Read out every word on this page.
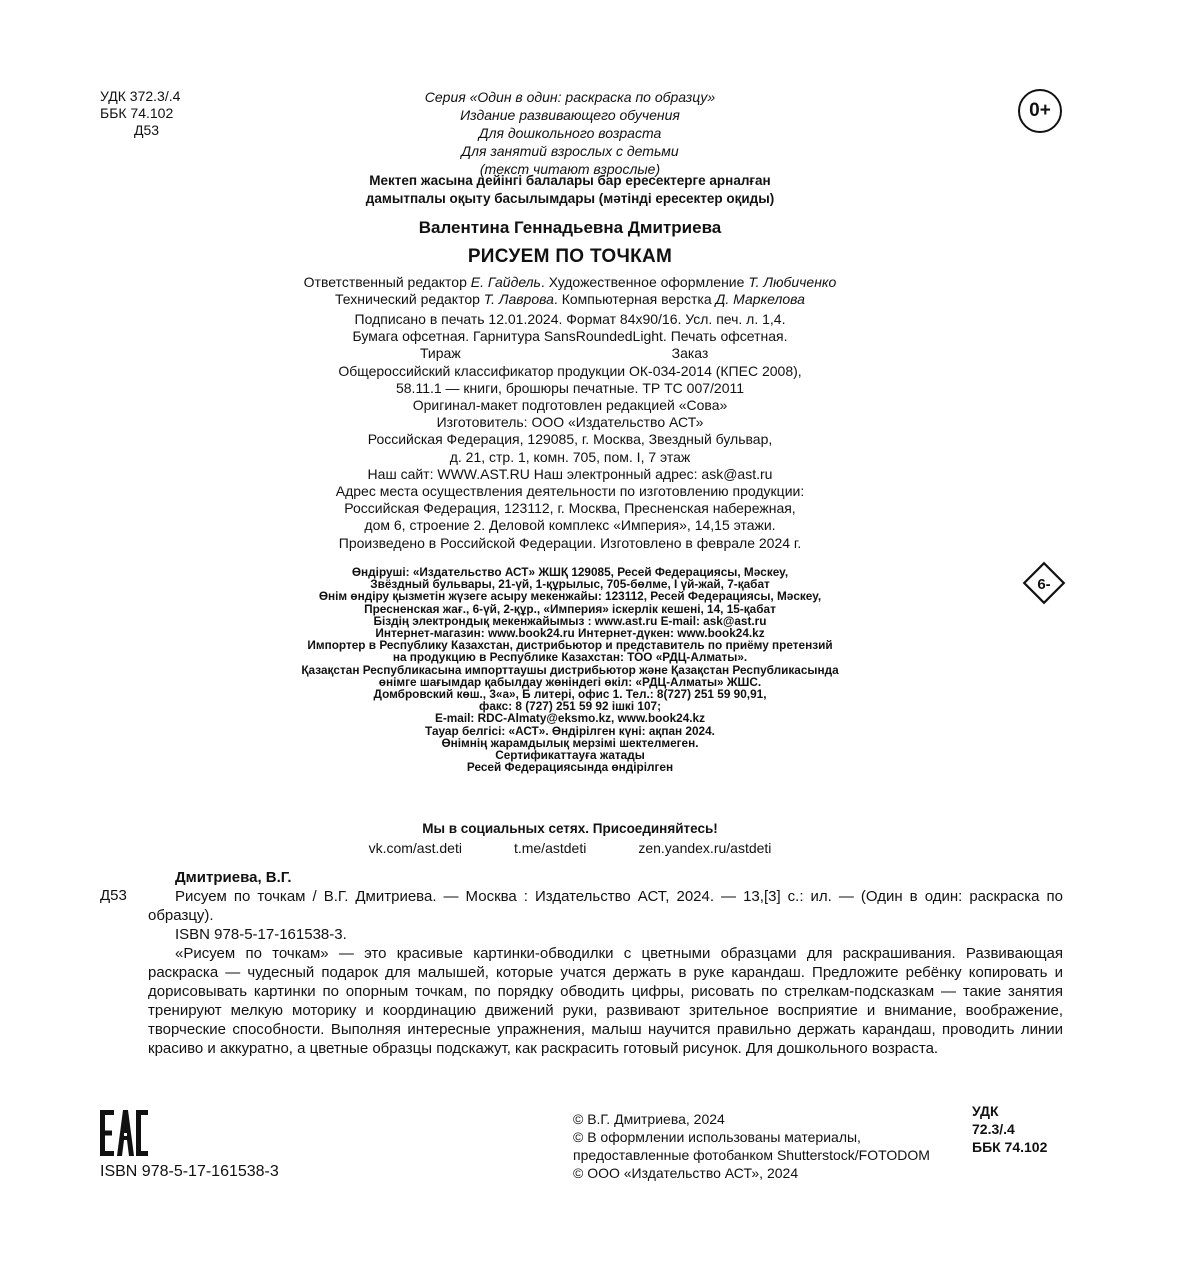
УДК 372.3/.4
ББК 74.102
Д53
Серия «Один в один: раскраска по образцу»
Издание развивающего обучения
Для дошкольного возраста
Для занятий взрослых с детьми
(текст читают взрослые)
0+
Мектеп жасына дейінгі балалары бар ересектерге арналған
дамытпалы оқыту басылымдары (мәтінді ересектер оқиды)
Валентина Геннадьевна Дмитриева
РИСУЕМ ПО ТОЧКАМ
Ответственный редактор Е. Гайдель. Художественное оформление Т. Любиченко
Технический редактор Т. Лаврова. Компьютерная верстка Д. Маркелова
Подписано в печать 12.01.2024. Формат 84x90/16. Усл. печ. л. 1,4.
Бумага офсетная. Гарнитура SansRoundedLight. Печать офсетная.
Тираж	Заказ
Общероссийский классификатор продукции ОК-034-2014 (КПЕС 2008),
58.11.1 — книги, брошюры печатные. ТР ТС 007/2011
Оригинал-макет подготовлен редакцией «Сова»
Изготовитель: ООО «Издательство АСТ»
Российская Федерация, 129085, г. Москва, Звездный бульвар,
д. 21, стр. 1, комн. 705, пом. I, 7 этаж
Наш сайт: WWW.AST.RU Наш электронный адрес: ask@ast.ru
Адрес места осуществления деятельности по изготовлению продукции:
Российская Федерация, 123112, г. Москва, Пресненская набережная,
дом 6, строение 2. Деловой комплекс «Империя», 14,15 этажи.
Произведено в Российской Федерации. Изготовлено в феврале 2024 г.
6-
Өндіруші: «Издательство АСТ» ЖШҚ 129085, Ресей Федерациясы, Мәскеу,
Звёздный бульвары, 21-үй, 1-құрылыс, 705-бөлме, I үй-жай, 7-қабат
Өнім өндіру қызметін жүзеге асыру мекенжайы: 123112, Ресей Федерациясы, Мәскеу,
Пресненская жағ., 6-үй, 2-құр., «Империя» іскерлік кешені, 14, 15-қабат
Біздің электрондық мекенжайымыз : www.ast.ru E-mail: ask@ast.ru
Интернет-магазин: www.book24.ru Интернет-дүкен: www.book24.kz
Импортер в Республику Казахстан, дистрибьютор и представитель по приёму претензий
на продукцию в Республике Казахстан: ТОО «РДЦ-Алматы».
Қазақстан Республикасына импорттаушы дистрибьютор және Қазақстан Республикасында
өнімге шағымдар қабылдау жөніндегі өкіл: «РДЦ-Алматы» ЖШС.
Домбровский көш., 3«а», Б литері, офис 1. Тел.: 8(727) 251 59 90,91,
факс: 8 (727) 251 59 92 ішкі 107;
E-mail: RDC-Almaty@eksmo.kz, www.book24.kz
Тауар белгісі: «АСТ». Өндірілген күні: ақпан 2024.
Өнімнің жарамдылық мерзімі шектелмеген.
Сертификаттауға жатады
Ресей Федерациясында өндірілген
Мы в социальных сетях. Присоединяйтесь!
vk.com/ast.deti	t.me/astdeti	zen.yandex.ru/astdeti
Дмитриева, В.Г.
Д53	Рисуем по точкам / В.Г. Дмитриева. — Москва : Издательство АСТ, 2024. — 13,[3] с.: ил. — (Один в один: раскраска по образцу).

ISBN 978-5-17-161538-3.

«Рисуем по точкам» — это красивые картинки-обводилки с цветными образцами для раскрашивания. Развивающая раскраска — чудесный подарок для малышей, которые учатся держать в руке карандаш. Предложите ребёнку копировать и дорисовывать картинки по опорным точкам, по порядку обводить цифры, рисовать по стрелкам-подсказкам — такие занятия тренируют мелкую моторику и координацию движений руки, развивают зрительное восприятие и внимание, воображение, творческие способности. Выполняя интересные упражнения, малыш научится правильно держать карандаш, проводить линии красиво и аккуратно, а цветные образцы подскажут, как раскрасить готовый рисунок. Для дошкольного возраста.

ISBN 978-5-17-161538-3
© В.Г. Дмитриева, 2024
© В оформлении использованы материалы,
предоставленные фотобанком Shutterstock/FOTODOM
© ООО «Издательство АСТ», 2024
УДК
72.3/.4
ББК 74.102
